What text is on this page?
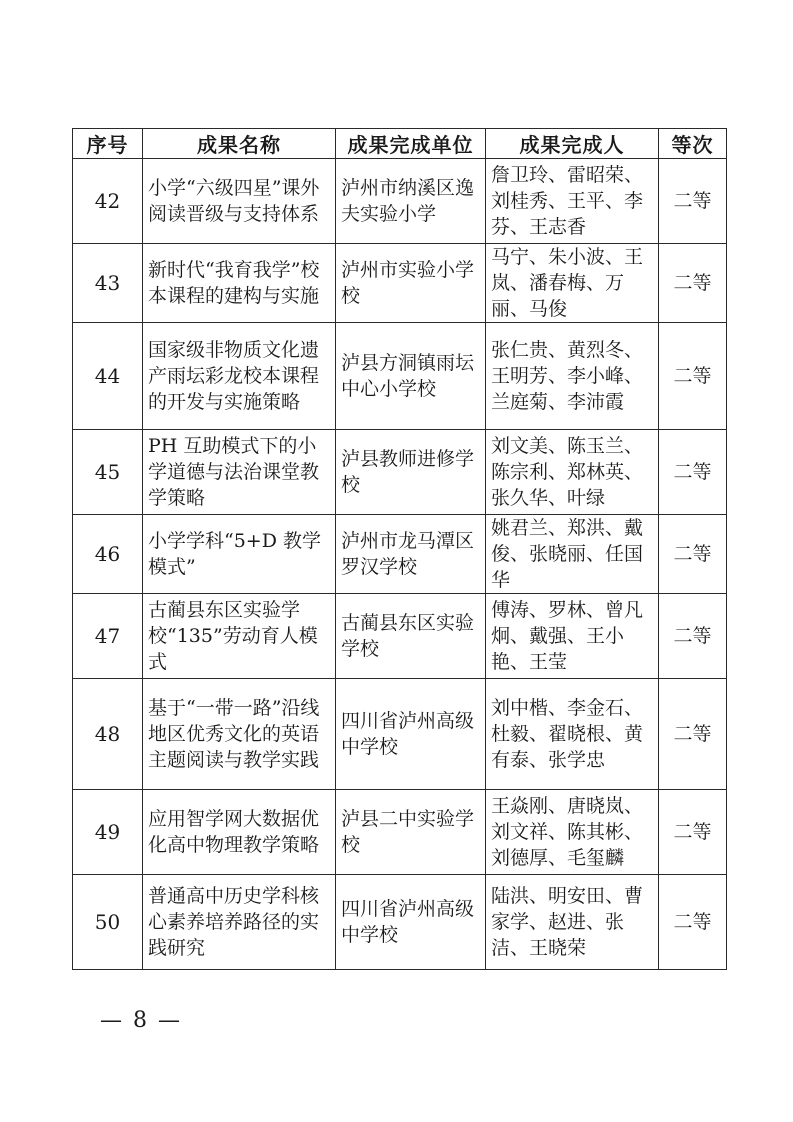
序号	成果名称	成果完成单位	成果完成人	等次
42	小学“六级四星”课外阅读晋级与支持体系	泸州市纳溪区逸夫实验小学	詹卫玲、雷昭荣、刘桂秀、王平、李芬、王志香	二等
43	新时代“我育我学”校本课程的建构与实施	泸州市实验小学校	马宁、朱小波、王岚、潘春梅、万丽、马俊	二等
44	国家级非物质文化遗产雨坛彩龙校本课程的开发与实施策略	泸县方洞镇雨坛中心小学校	张仁贵、黄烈冬、王明芳、李小峰、兰庭菊、李沛霞	二等
45	PH 互助模式下的小学道德与法治课堂教学策略	泸县教师进修学校	刘文美、陈玉兰、陈宗利、郑林英、张久华、叶绿	二等
46	小学学科“5+D 教学模式”	泸州市龙马潭区罗汉学校	姚君兰、郑洪、戴俊、张晓丽、任国华	二等
47	古蔺县东区实验学校“135”劳动育人模式	古蔺县东区实验学校	傅涛、罗林、曾凡炯、戴强、王小艳、王莹	二等
48	基于“一带一路”沿线地区优秀文化的英语主题阅读与教学实践	四川省泸州高级中学校	刘中楷、李金石、杜毅、翟晓根、黄有泰、张学忠	二等
49	应用智学网大数据优化高中物理教学策略	泸县二中实验学校	王焱刚、唐晓岚、刘文祥、陈其彬、刘德厚、毛玺麟	二等
50	普通高中历史学科核心素养培养路径的实践研究	四川省泸州高级中学校	陆洪、明安田、曹家学、赵进、张洁、王晓荣	二等
— 8 —
